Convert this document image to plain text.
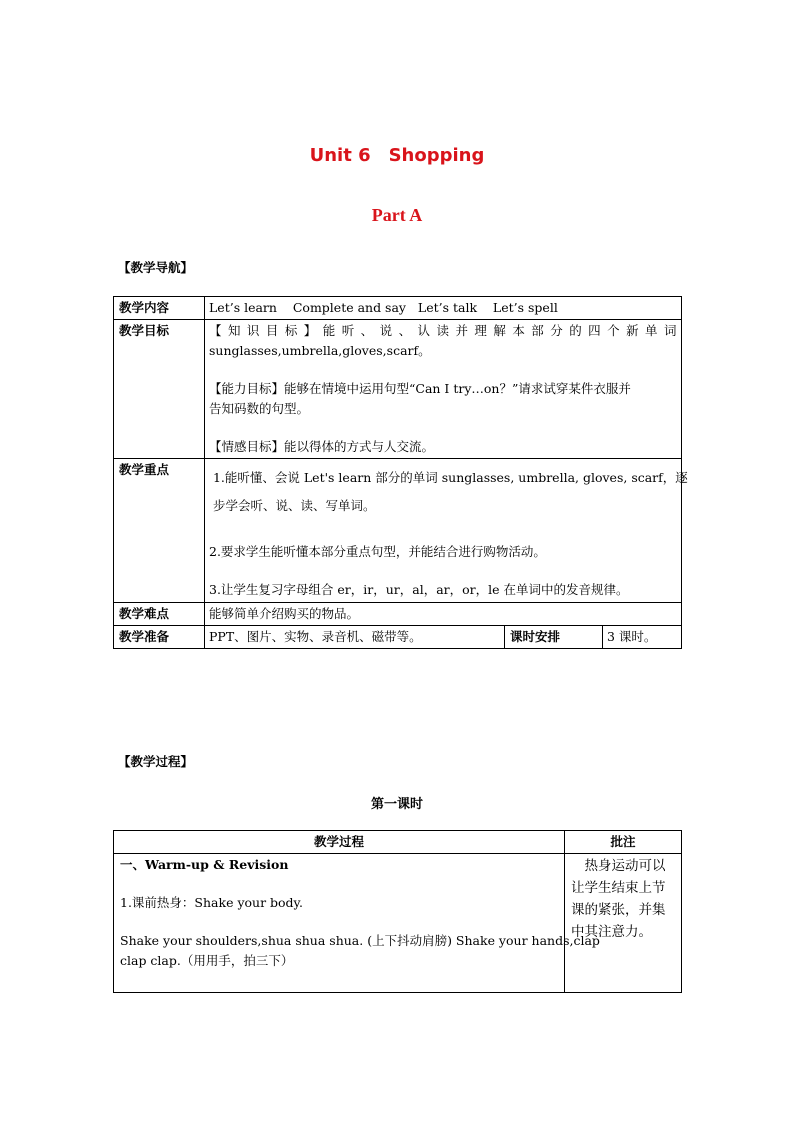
Unit 6 Shopping
Part A
【教学导航】
教学内容	Let’s learn    Complete and say   Let’s talk    Let’s spell		
教学目标	【知识目标】能听、说、认读并理解本部分的四个新单词

sunglasses,umbrella,gloves,scarf。

【能力目标】能够在情境中运用句型“Can I try…on？”请求试穿某件衣服并

告知码数的句型。

【情感目标】能以得体的方式与人交流。		

教学重点	1.能听懂、会说 Let's learn 部分的单词 sunglasses, umbrella, gloves, scarf，逐

步学会听、说、读、写单词。

2.要求学生能听懂本部分重点句型，并能结合进行购物活动。

3.让学生复习字母组合 er，ir，ur，al，ar，or，le 在单词中的发音规律。		

教学难点	能够简单介绍购买的物品。		
教学准备	PPT、图片、实物、录音机、磁带等。	课时安排	3 课时。
【教学过程】
第一课时
教学过程	批注

一、Warm-up & Revision

1.课前热身：Shake your body.

Shake your shoulders,shua shua shua. (上下抖动肩膀) Shake your hands,clap

clap clap.（用用手，拍三下）	　热身运动可以让学生结束上节课的紧张，并集中其注意力。
